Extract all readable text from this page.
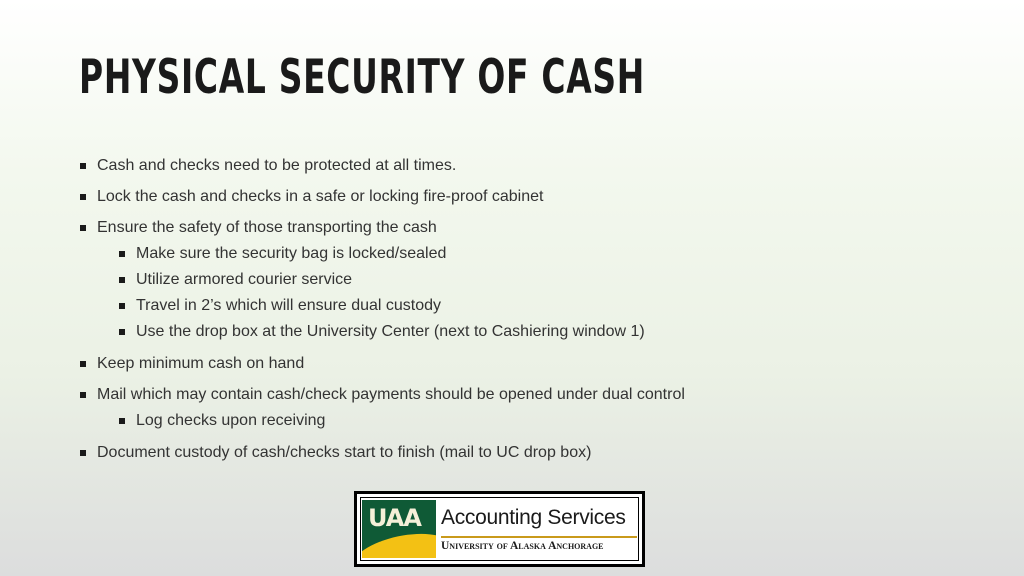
PHYSICAL SECURITY OF CASH
Cash and checks need to be protected at all times.
Lock the cash and checks in a safe or locking fire-proof cabinet
Ensure the safety of those transporting the cash
Make sure the security bag is locked/sealed
Utilize armored courier service
Travel in 2’s which will ensure dual custody
Use the drop box at the University Center (next to Cashiering window 1)
Keep minimum cash on hand
Mail which may contain cash/check payments should be opened under dual control
Log checks upon receiving
Document custody of cash/checks start to finish (mail to UC drop box)
UAA Accounting Services
University of Alaska Anchorage
